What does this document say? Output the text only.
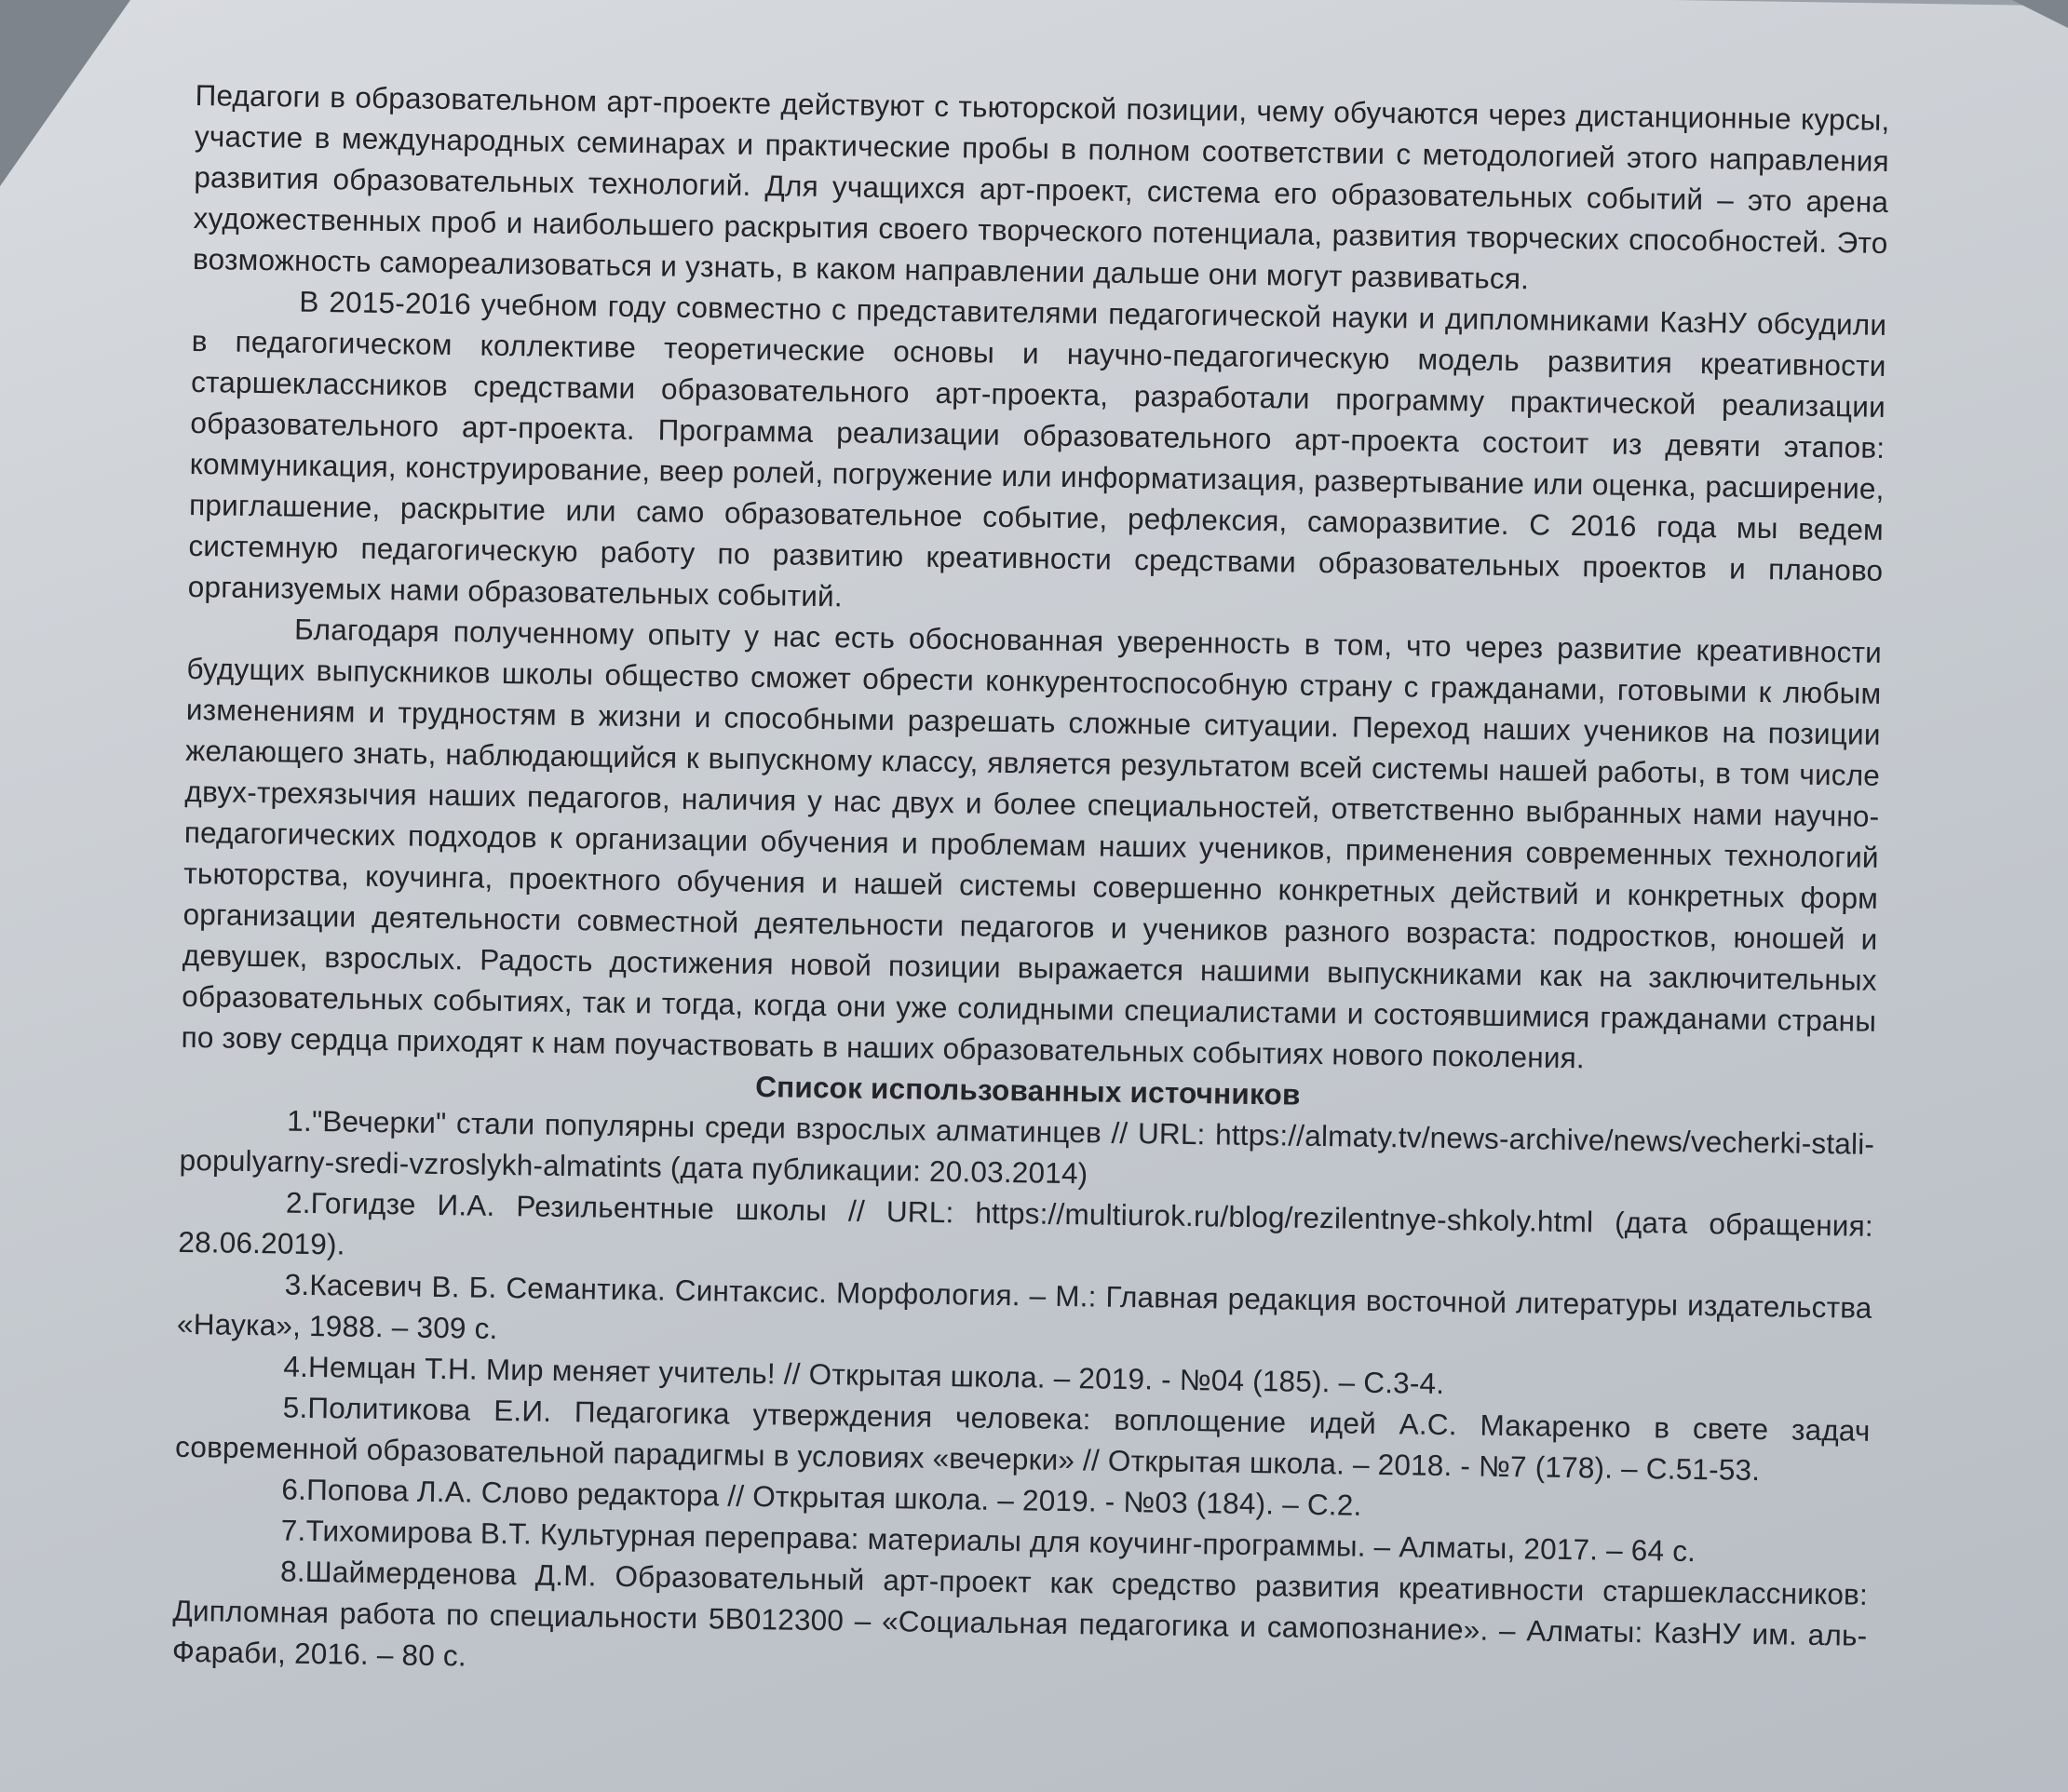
Педагоги в образовательном арт-проекте действуют с тьюторской позиции, чему обучаются через дистанционные курсы, участие в международных семинарах и практические пробы в полном соответствии с методологией этого направления развития образовательных технологий. Для учащихся арт-проект, система его образовательных событий – это арена художественных проб и наибольшего раскрытия своего творческого потенциала, развития творческих способностей. Это возможность самореализоваться и узнать, в каком направлении дальше они могут развиваться.

В 2015-2016 учебном году совместно с представителями педагогической науки и дипломниками КазНУ обсудили в педагогическом коллективе теоретические основы и научно-педагогическую модель развития креативности старшеклассников средствами образовательного арт-проекта, разработали программу практической реализации образовательного арт-проекта. Программа реализации образовательного арт-проекта состоит из девяти этапов: коммуникация, конструирование, веер ролей, погружение или информатизация, развертывание или оценка, расширение, приглашение, раскрытие или само образовательное событие, рефлексия, саморазвитие. С 2016 года мы ведем системную педагогическую работу по развитию креативности средствами образовательных проектов и планово организуемых нами образовательных событий.

Благодаря полученному опыту у нас есть обоснованная уверенность в том, что через развитие креативности будущих выпускников школы общество сможет обрести конкурентоспособную страну с гражданами, готовыми к любым изменениям и трудностям в жизни и способными разрешать сложные ситуации. Переход наших учеников на позиции желающего знать, наблюдающийся к выпускному классу, является результатом всей системы нашей работы, в том числе двух-трехязычия наших педагогов, наличия у нас двух и более специальностей, ответственно выбранных нами научно-педагогических подходов к организации обучения и проблемам наших учеников, применения современных технологий тьюторства, коучинга, проектного обучения и нашей системы совершенно конкретных действий и конкретных форм организации деятельности совместной деятельности педагогов и учеников разного возраста: подростков, юношей и девушек, взрослых. Радость достижения новой позиции выражается нашими выпускниками как на заключительных образовательных событиях, так и тогда, когда они уже солидными специалистами и состоявшимися гражданами страны по зову сердца приходят к нам поучаствовать в наших образовательных событиях нового поколения.

Список использованных источников

1."Вечерки" стали популярны среди взрослых алматинцев // URL: https://almaty.tv/news-archive/news/vecherki-stali-populyarny-sredi-vzroslykh-almatints (дата публикации: 20.03.2014)

2.Гогидзе И.А. Резильентные школы // URL: https://multiurok.ru/blog/rezilentnye-shkoly.html (дата обращения: 28.06.2019).

3.Касевич В. Б. Семантика. Синтаксис. Морфология. – М.: Главная редакция восточной литературы издательства «Наука», 1988. – 309 с.

4.Немцан Т.Н. Мир меняет учитель! // Открытая школа. – 2019. - №04 (185). – С.3-4.

5.Политикова Е.И. Педагогика утверждения человека: воплощение идей А.С. Макаренко в свете задач современной образовательной парадигмы в условиях «вечерки» // Открытая школа. – 2018. - №7 (178). – С.51-53.

6.Попова Л.А. Слово редактора // Открытая школа. – 2019. - №03 (184). – С.2.

7.Тихомирова В.Т. Культурная переправа: материалы для коучинг-программы. – Алматы, 2017. – 64 с.

8.Шаймерденова Д.М. Образовательный арт-проект как средство развития креативности старшеклассников: Дипломная работа по специальности 5В012300 – «Социальная педагогика и самопознание». – Алматы: КазНУ им. аль-Фараби, 2016. – 80 с.
